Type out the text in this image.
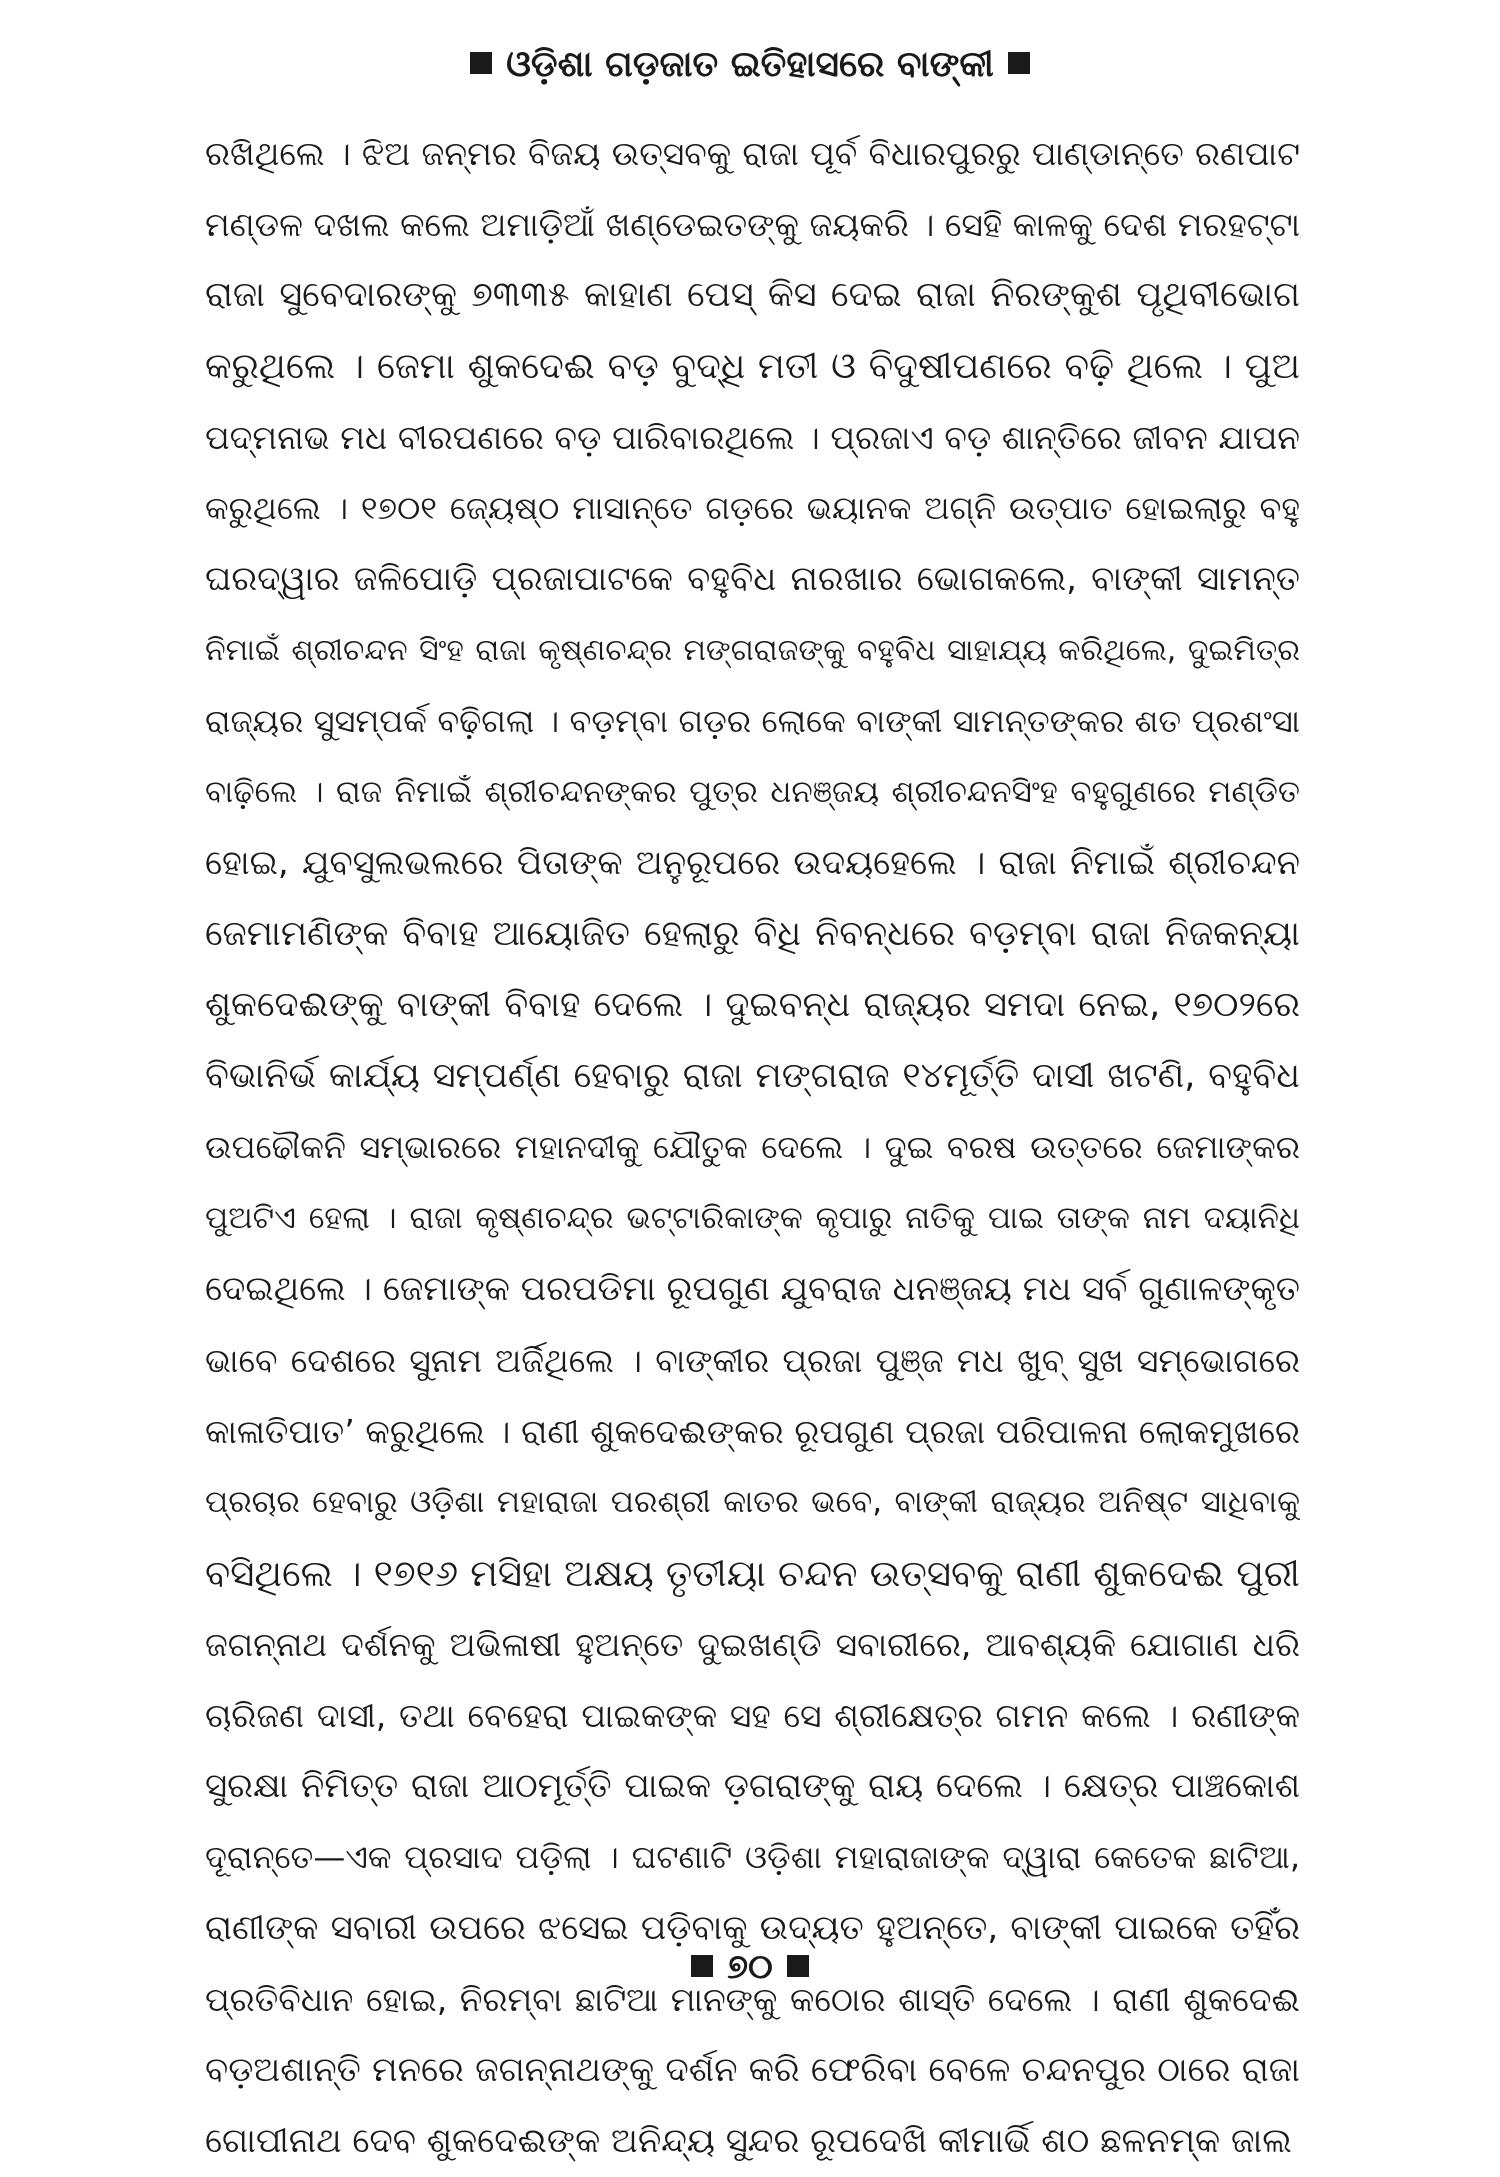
ଓଡ଼ିଶା ଗଡ଼ଜାତ ଇତିହାସରେ ବାଙ୍କୀ
ରଖିଥିଲେ । ଝିଅ ଜନ୍ମର ବିଜୟ ଉତ୍ସବକୁ ରାଜା ପୂର୍ବ ବିଧାରପୁରରୁ ପାଣ୍ଡାନ୍ତେ ରଣପାଟ
ମଣ୍ଡଳ ଦଖଲ କଲେ ଅମାଡ଼ିଆଁ ଖଣ୍ଡେଇତଙ୍କୁ ଜୟକରି । ସେହି କାଳକୁ ଦେଶ ମରହଟ୍ଟା
ରାଜା ସୁବେଦାରଙ୍କୁ ୭୩୩୫ କାହାଣ ପେସ୍ କିସ ଦେଇ ରାଜା ନିରଙ୍କୁଶ ପୃଥିବୀଭୋଗ
କରୁଥିଲେ । ଜେମା ଶୁକଦେଈ ବଡ଼ ବୁଦ୍ଧି ମତୀ ଓ ବିଦୁଷୀପଣରେ ବଢ଼ି ଥିଲେ । ପୁଅ
ପଦ୍ମନାଭ ମଧ ବୀରପଣରେ ବଡ଼ ପାରିବାରଥିଲେ । ପ୍ରଜାଏ ବଡ଼ ଶାନ୍ତିରେ ଜୀବନ ଯାପନ
କରୁଥିଲେ । ୧୭୦୧ ଜ୍ୟେଷ୍ଠ ମାସାନ୍ତେ ଗଡ଼ରେ ଭୟାନକ ଅଗ୍ନି ଉତ୍ପାତ ହୋଇଲାରୁ ବହୁ
ଘରଦ୍ୱାର ଜଳିପୋଡ଼ି ପ୍ରଜାପାଟକେ ବହୁବିଧ ନାରଖାର ଭୋଗକଲେ, ବାଙ୍କୀ ସାମନ୍ତ
ନିମାଇଁ ଶ୍ରୀଚନ୍ଦନ ସିଂହ ରାଜା କୃଷ୍ଣଚନ୍ଦ୍ର ମଙ୍ଗରାଜଙ୍କୁ ବହୁବିଧ ସାହାଯ୍ୟ କରିଥିଲେ, ଦୁଇମିତ୍ର
ରାଜ୍ୟର ସୁସମ୍ପର୍କ ବଢ଼ିଗଲା । ବଡ଼ମ୍ବା ଗଡ଼ର ଲୋକେ ବାଙ୍କୀ ସାମନ୍ତଙ୍କର ଶତ ପ୍ରଶଂସା
ବାଢ଼ିଲେ । ରାଜ ନିମାଇଁ ଶ୍ରୀଚନ୍ଦନଙ୍କର ପୁତ୍ର ଧନଞ୍ଜୟ ଶ୍ରୀଚନ୍ଦନସିଂହ ବହୁଗୁଣରେ ମଣ୍ଡିତ
ହୋଇ, ଯୁବସୁଲଭଲରେ ପିତାଙ୍କ ଅନୁରୂପରେ ଉଦୟହେଲେ । ରାଜା ନିମାଇଁ ଶ୍ରୀଚନ୍ଦନ
ଜେମାମଣିଙ୍କ ବିବାହ ଆୟୋଜିତ ହେଲାରୁ ବିଧି ନିବନ୍ଧରେ ବଡ଼ମ୍ବା ରାଜା ନିଜକନ୍ୟା
ଶୁକଦେଈଙ୍କୁ ବାଙ୍କୀ ବିବାହ ଦେଲେ । ଦୁଇବନ୍ଧ ରାଜ୍ୟର ସମଦା ନେଇ, ୧୭୦୨ରେ
ବିଭାନିର୍ଭ କାର୍ଯ୍ୟ ସମ୍ପର୍ଣ୍ଣ ହେବାରୁ ରାଜା ମଙ୍ଗରାଜ ୧୪ମୂର୍ତ୍ତି ଦାସୀ ଖଟଣି, ବହୁବିଧ
ଉପଢୌକନି ସମ୍ଭାରରେ ମହାନଦୀକୁ ଯୌତୁକ ଦେଲେ । ଦୁଇ ବରଷ ଉତ୍ତରେ ଜେମାଙ୍କର
ପୁଅଟିଏ ହେଲା । ରାଜା କୃଷ୍ଣଚନ୍ଦ୍ର ଭଟ୍ଟାରିକାଙ୍କ କୃପାରୁ ନାତିକୁ ପାଇ ତାଙ୍କ ନାମ ଦୟାନିଧି
ଦେଇଥିଲେ । ଜେମାଙ୍କ ପରପଡିମା ରୂପଗୁଣ ଯୁବରାଜ ଧନଞ୍ଜୟ ମଧ ସର୍ବ ଗୁଣାଳଙ୍କୃତ
ଭାବେ ଦେଶରେ ସୁନାମ ଅର୍ଜିଥିଲେ । ବାଙ୍କୀର ପ୍ରଜା ପୁଞ୍ଜ ମଧ ଖୁବ୍ ସୁଖ ସମ୍ଭୋଗରେ
କାଳାତିପାତ’ କରୁଥିଲେ । ରାଣୀ ଶୁକଦେଈଙ୍କର ରୂପଗୁଣ ପ୍ରଜା ପରିପାଳନା ଲୋକମୁଖରେ
ପ୍ରଚାର ହେବାରୁ ଓଡ଼ିଶା ମହାରାଜା ପରଶ୍ରୀ କାତର ଭବେ, ବାଙ୍କୀ ରାଜ୍ୟର ଅନିଷ୍ଟ ସାଧିବାକୁ
ବସିଥିଲେ । ୧୭୧୬ ମସିହା ଅକ୍ଷୟ ତୃତୀୟା ଚନ୍ଦନ ଉତ୍ସବକୁ ରାଣୀ ଶୁକଦେଈ ପୁରୀ
ଜଗନ୍ନାଥ ଦର୍ଶନକୁ ଅଭିଳାଷୀ ହୁଅନ୍ତେ ଦୁଇଖଣ୍ଡି ସବାରୀରେ, ଆବଶ୍ୟକି ଯୋଗାଣ ଧରି
ଚାରିଜଣ ଦାସୀ, ତଥା ବେହେରା ପାଇକଙ୍କ ସହ ସେ ଶ୍ରୀକ୍ଷେତ୍ର ଗମନ କଲେ । ରଣୀଙ୍କ
ସୁରକ୍ଷା ନିମିତ୍ତ ରାଜା ଆଠମୂର୍ତ୍ତି ପାଇକ ଡ଼ଗରାଙ୍କୁ ରାୟ ଦେଲେ । କ୍ଷେତ୍ର ପାଞ୍ଚକୋଶ
ଦୂରାନ୍ତେ—ଏକ ପ୍ରସାଦ ପଡ଼ିଲା । ଘଟଣାଟି ଓଡ଼ିଶା ମହାରାଜାଙ୍କ ଦ୍ୱାରା କେତେକ ଛାଟିଆ,
ରାଣୀଙ୍କ ସବାରୀ ଉପରେ ଝସେଇ ପଡ଼ିବାକୁ ଉଦ୍ୟତ ହୁଅନ୍ତେ, ବାଙ୍କୀ ପାଇକେ ତହିଁର
ପ୍ରତିବିଧାନ ହୋଇ, ନିରମ୍ବା ଛାଟିଆ ମାନଙ୍କୁ କଠୋର ଶାସ୍ତି ଦେଲେ । ରାଣୀ ଶୁକଦେଈ
ବଡ଼ଅଶାନ୍ତି ମନରେ ଜଗନ୍ନାଥଙ୍କୁ ଦର୍ଶନ କରି ଫେରିବା ବେଳେ ଚନ୍ଦନପୁର ଠାରେ ରାଜା
ଗୋପୀନାଥ ଦେବ ଶୁକଦେଈଙ୍କ ଅନିନ୍ଦ୍ୟ ସୁନ୍ଦର ରୂପଦେଖି କୀମାର୍ଭି ଶଠ ଛଳନମ୍କ ଜାଲ
୭୦
